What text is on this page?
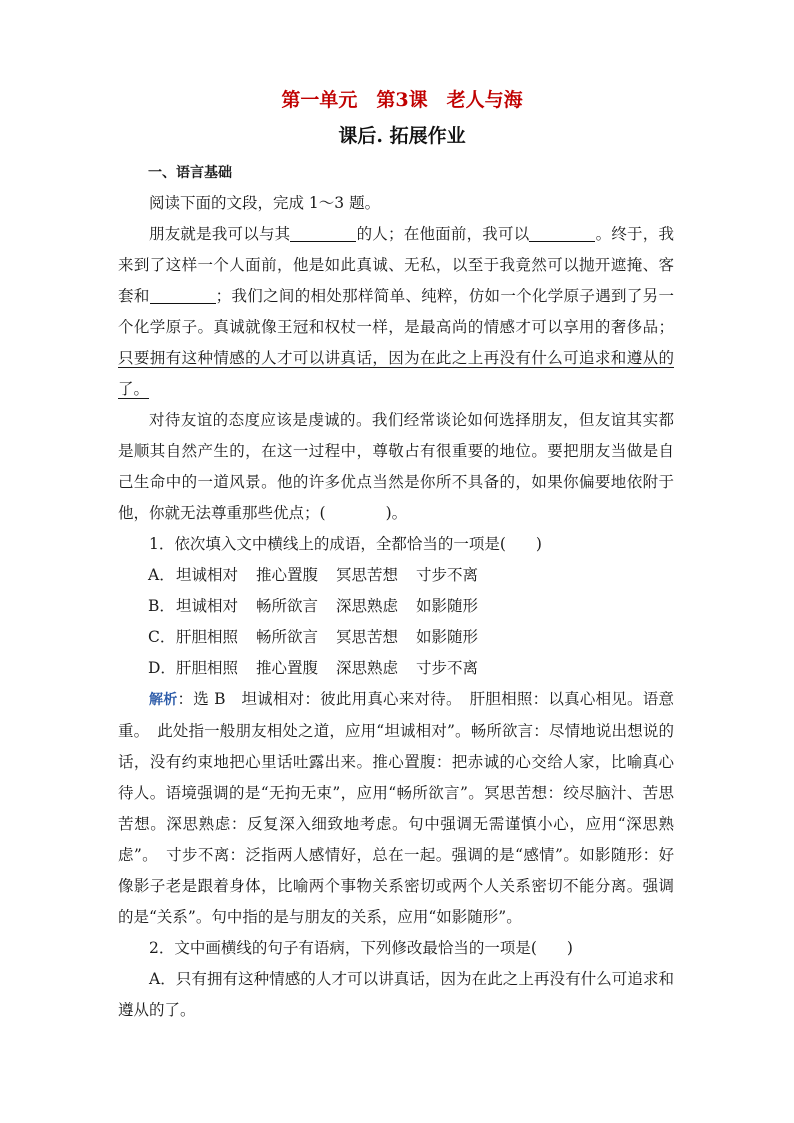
第一单元　第3课　老人与海
课后. 拓展作业
一、语言基础

阅读下面的文段，完成 1～3 题。

朋友就是我可以与其	的人；在他面前，我可以	。终于，我来到了这样一个人面前，他是如此真诚、无私，以至于我竟然可以抛开遮掩、客套和	；我们之间的相处那样简单、纯粹，仿如一个化学原子遇到了另一个化学原子。真诚就像王冠和权杖一样，是最高尚的情感才可以享用的奢侈品；只要拥有这种情感的人才可以讲真话，因为在此之上再没有什么可追求和遵从的了。

对待友谊的态度应该是虔诚的。我们经常谈论如何选择朋友，但友谊其实都是顺其自然产生的，在这一过程中，尊敬占有很重要的地位。要把朋友当做是自己生命中的一道风景。他的许多优点当然是你所不具备的，如果你偏要地依附于他，你就无法尊重那些优点；(	)。

1．依次填入文中横线上的成语，全都恰当的一项是( )

A．坦诚相对 推心置腹 冥思苦想 寸步不离
B．坦诚相对 畅所欲言 深思熟虑 如影随形
C．肝胆相照 畅所欲言 冥思苦想 如影随形
D．肝胆相照 推心置腹 深思熟虑 寸步不离

解析：选 B　坦诚相对：彼此用真心来对待。　肝胆相照：以真心相见。语意重。　此处指一般朋友相处之道，应用“坦诚相对”。畅所欲言：尽情地说出想说的话，没有约束地把心里话吐露出来。推心置腹：把赤诚的心交给人家，比喻真心待人。语境强调的是“无拘无束”，应用“畅所欲言”。冥思苦想：绞尽脑汁、苦思苦想。深思熟虑：反复深入细致地考虑。句中强调无需谨慎小心，应用“深思熟虑”。　寸步不离：泛指两人感情好，总在一起。强调的是“感情”。如影随形：好像影子老是跟着身体，比喻两个事物关系密切或两个人关系密切不能分离。强调的是“关系”。句中指的是与朋友的关系，应用“如影随形”。

2．文中画横线的句子有语病，下列修改最恰当的一项是( )

A．只有拥有这种情感的人才可以讲真话，因为在此之上再没有什么可追求和遵从的了。
